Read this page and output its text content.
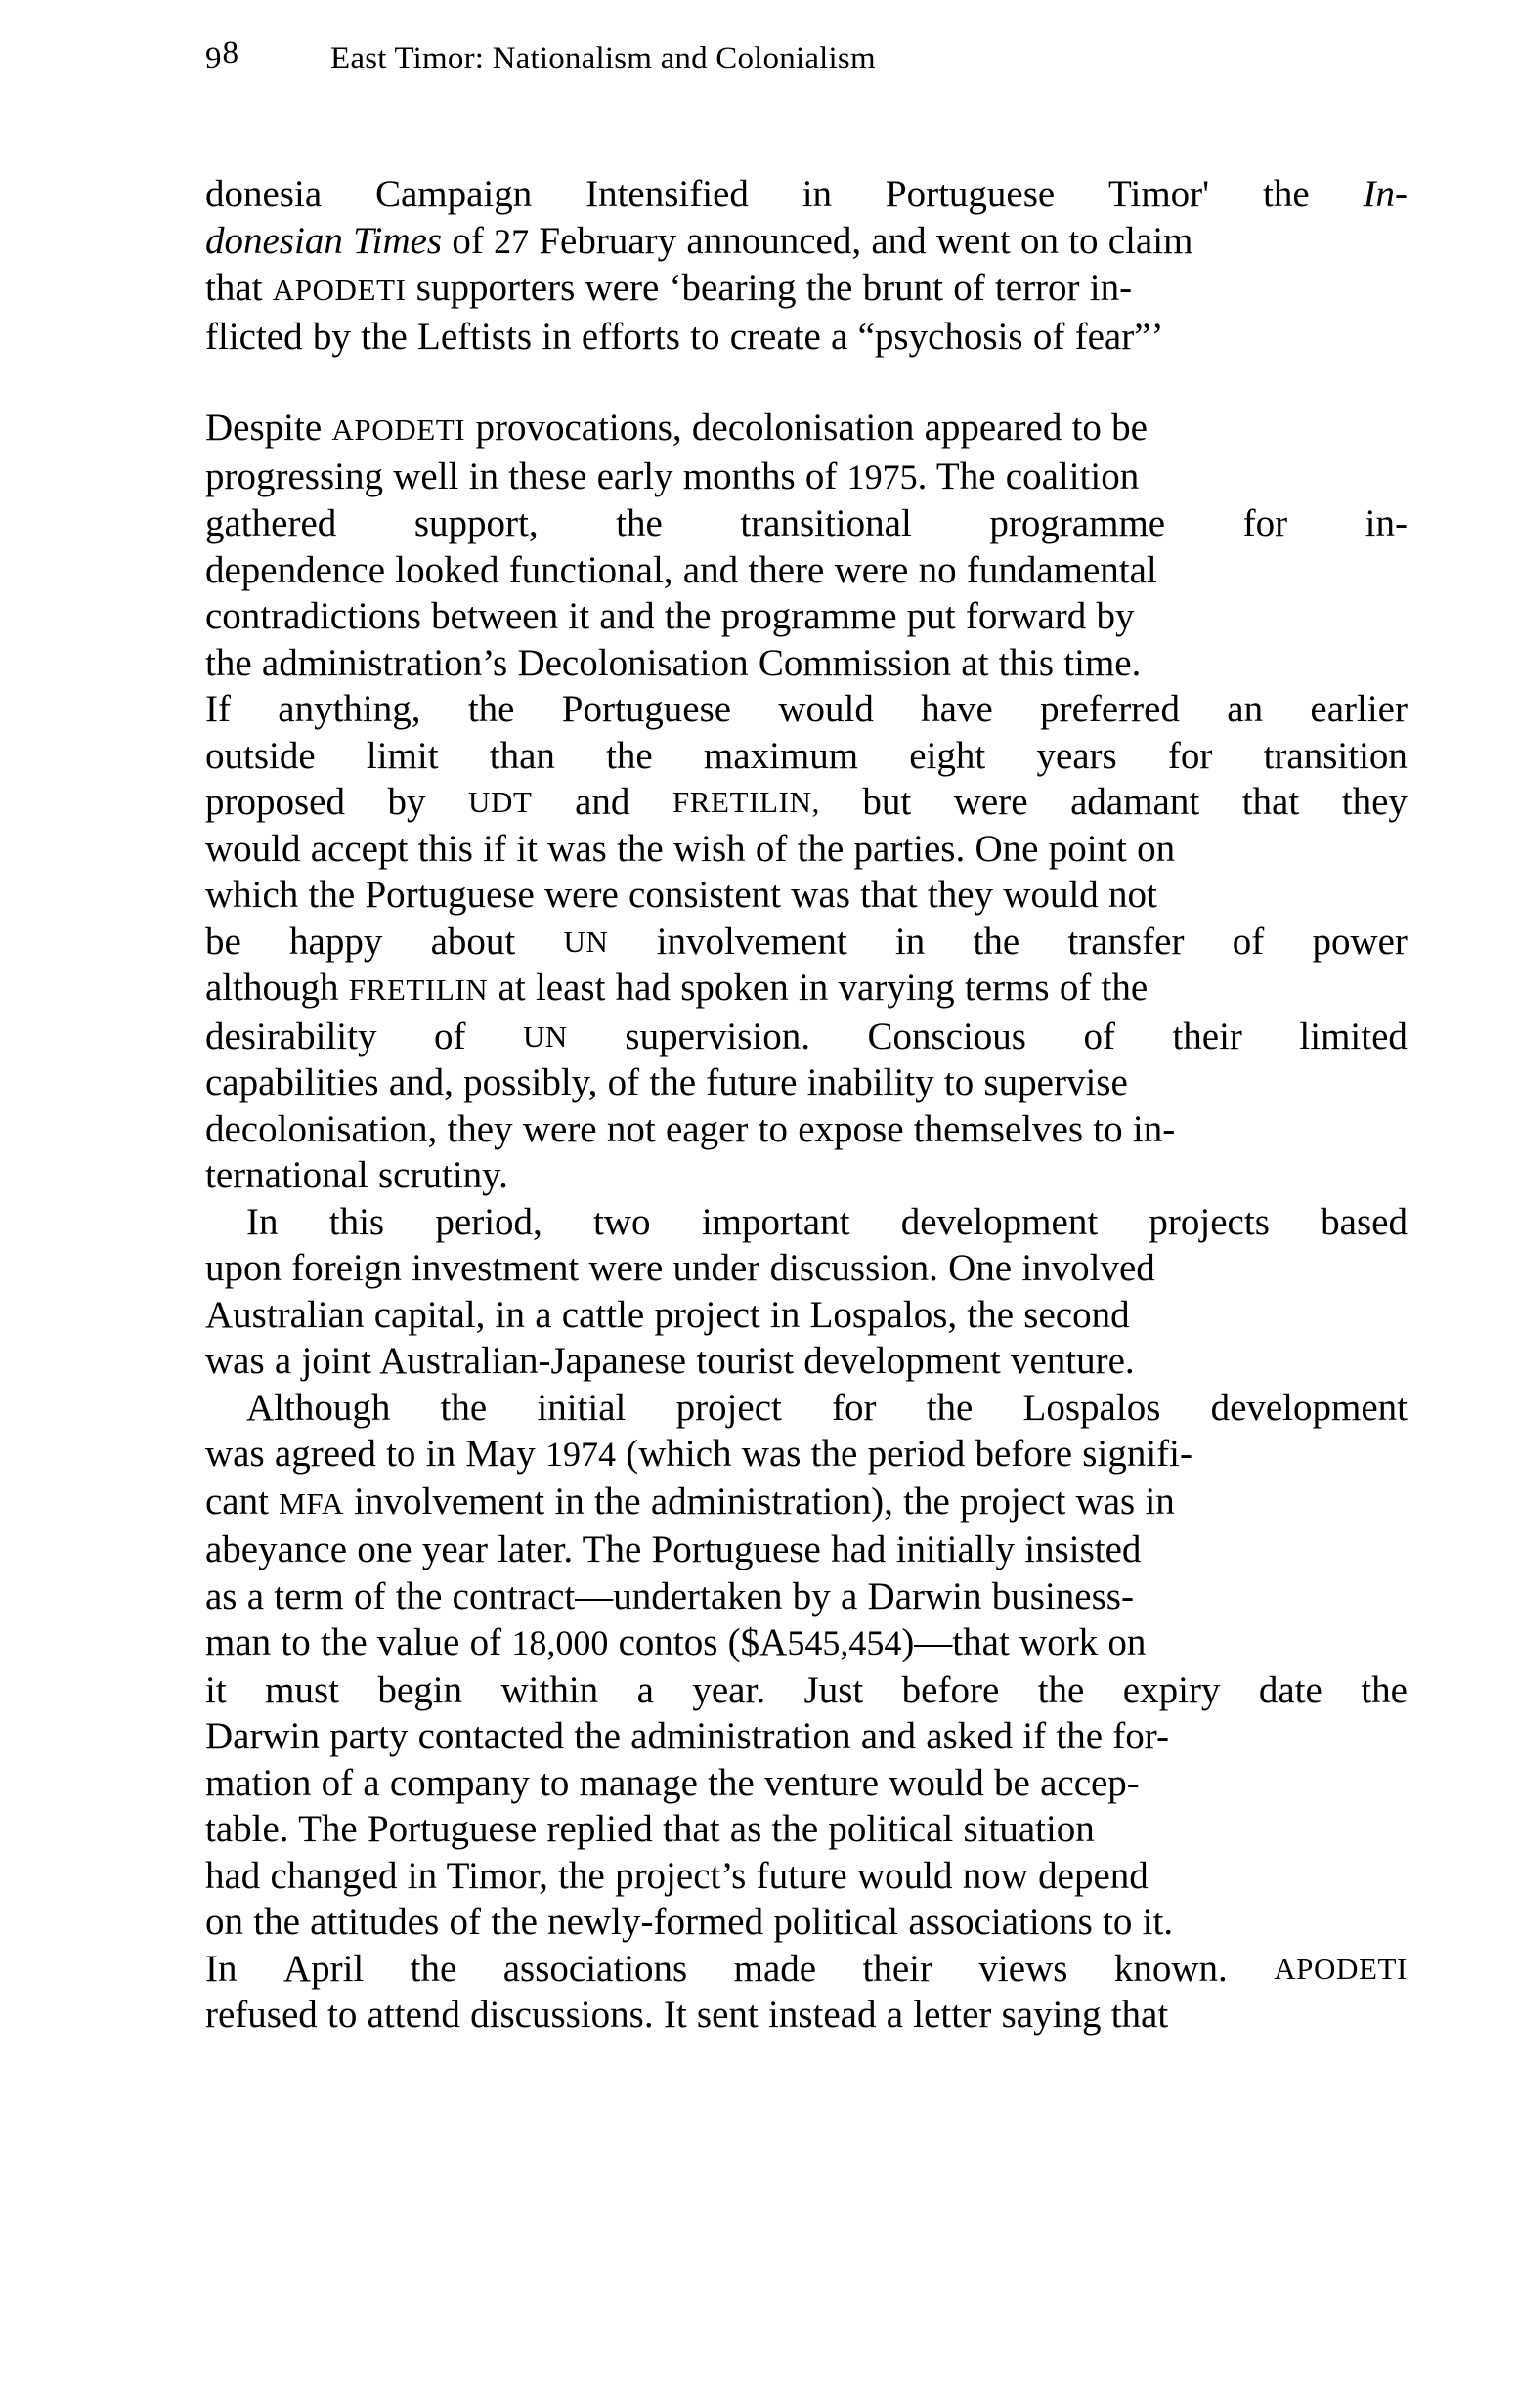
98	East Timor: Nationalism and Colonialism
donesia Campaign Intensified in Portuguese Timor' the In-
donesian Times of 27 February announced, and went on to claim
that APODETI supporters were ‘bearing the brunt of terror in-
flicted by the Leftists in efforts to create a “psychosis of fear”’
Despite APODETI provocations, decolonisation appeared to be
progressing well in these early months of 1975. The coalition
gathered support, the transitional programme for in-
dependence looked functional, and there were no fundamental
contradictions between it and the programme put forward by
the administration’s Decolonisation Commission at this time.
If anything, the Portuguese would have preferred an earlier
outside limit than the maximum eight years for transition
proposed by UDT and FRETILIN, but were adamant that they
would accept this if it was the wish of the parties. One point on
which the Portuguese were consistent was that they would not
be happy about UN involvement in the transfer of power
although FRETILIN at least had spoken in varying terms of the
desirability of UN supervision. Conscious of their limited
capabilities and, possibly, of the future inability to supervise
decolonisation, they were not eager to expose themselves to in-
ternational scrutiny.
In this period, two important development projects based
upon foreign investment were under discussion. One involved
Australian capital, in a cattle project in Lospalos, the second
was a joint Australian-Japanese tourist development venture.
Although the initial project for the Lospalos development
was agreed to in May 1974 (which was the period before signifi-
cant MFA involvement in the administration), the project was in
abeyance one year later. The Portuguese had initially insisted
as a term of the contract—undertaken by a Darwin business-
man to the value of 18,000 contos ($A545,454)—that work on
it must begin within a year. Just before the expiry date the
Darwin party contacted the administration and asked if the for-
mation of a company to manage the venture would be accep-
table. The Portuguese replied that as the political situation
had changed in Timor, the project’s future would now depend
on the attitudes of the newly-formed political associations to it.
In April the associations made their views known. APODETI
refused to attend discussions. It sent instead a letter saying that
